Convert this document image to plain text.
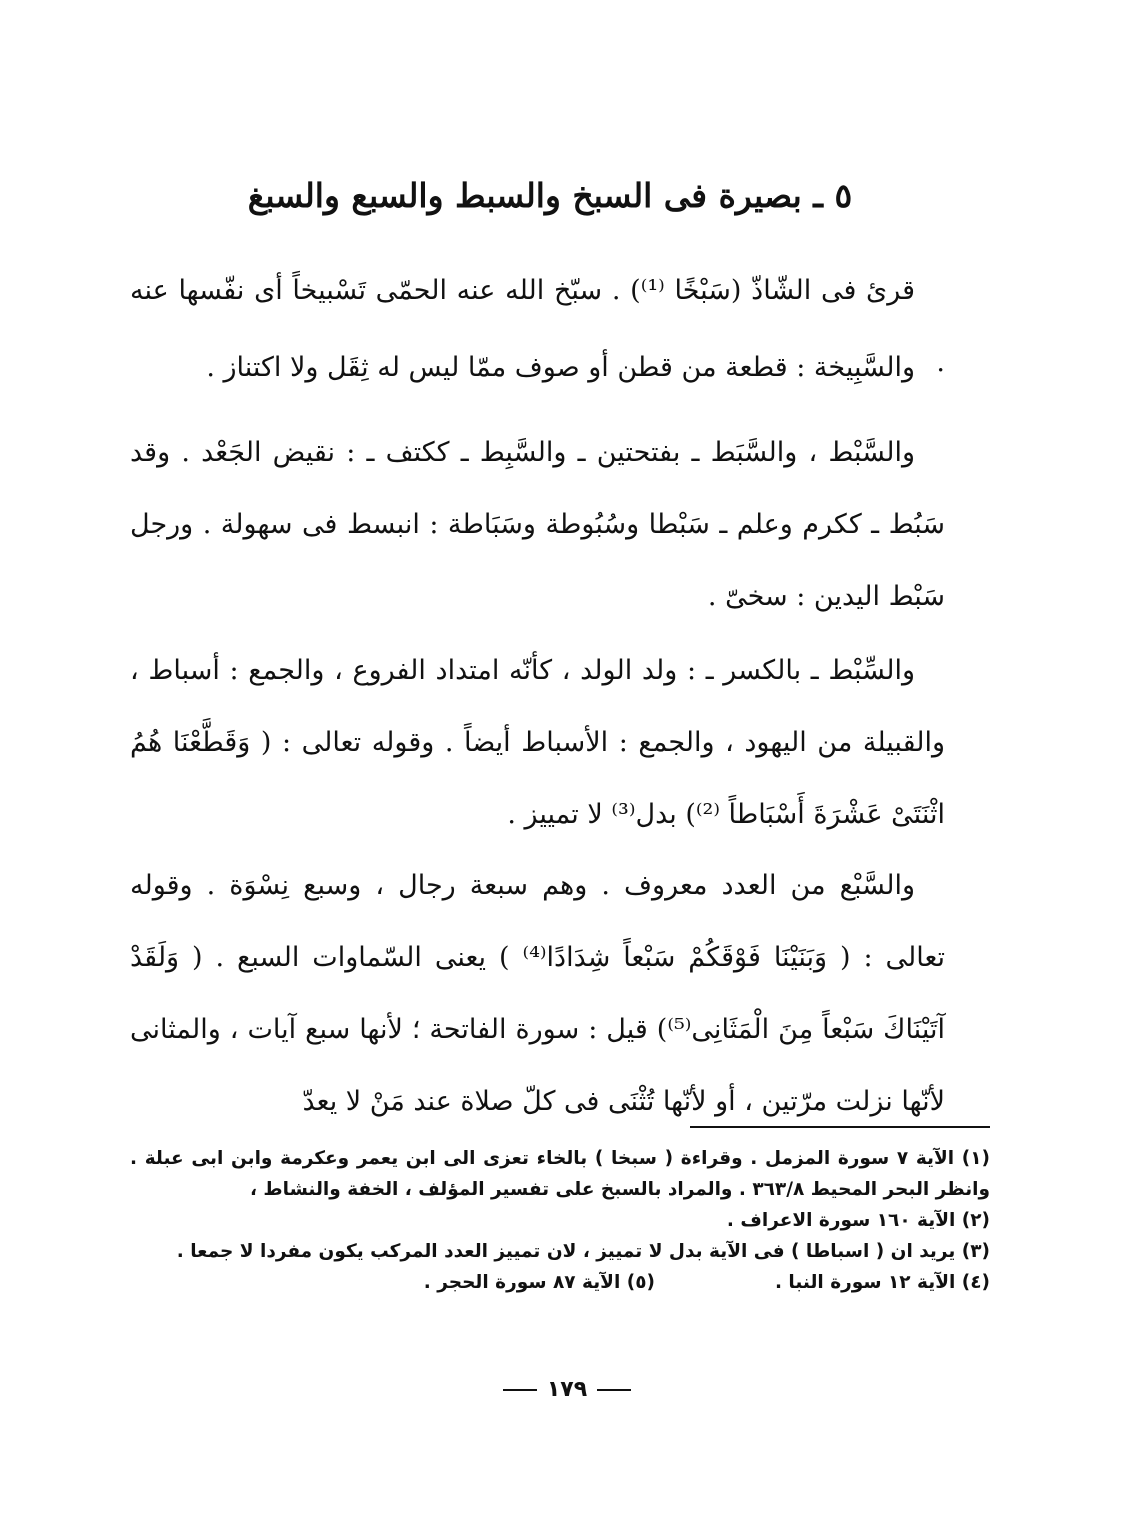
٥ ـ بصيرة فى السبخ والسبط والسبع والسبغ
قرئ فى الشّاذّ (سَبْخًا ⁽¹⁾) . سبّخ الله عنه الحمّى تَسْبيخاً أى نفّسها عنه .
والسَّبِيخة : قطعة من قطن أو صوف ممّا ليس له ثِقَل ولا اكتناز .
والسَّبْط ، والسَّبَط ـ بفتحتين ـ والسَّبِط ـ ككتف ـ : نقيض الجَعْد . وقد سَبُط ـ ككرم وعلم ـ سَبْطا وسُبُوطة وسَبَاطة : انبسط فى سهولة . ورجل سَبْط اليدين : سخىّ .
والسِّبْط ـ بالكسر ـ : ولد الولد ، كأنّه امتداد الفروع ، والجمع : أسباط ، والقبيلة من اليهود ، والجمع : الأسباط أيضاً . وقوله تعالى : ( وَقَطَّعْنَا هُمُ اثْنَتَىْ عَشْرَةَ أَسْبَاطاً ⁽²⁾) بدل⁽³⁾ لا تمييز .
والسَّبْع من العدد معروف . وهم سبعة رجال ، وسبع نِسْوَة . وقوله تعالى : ( وَبَنَيْنَا فَوْقَكُمْ سَبْعاً شِدَادًا⁽⁴⁾ ) يعنى السّماوات السبع . ( وَلَقَدْ آتَيْنَاكَ سَبْعاً مِنَ الْمَثَانِى⁽⁵⁾) قيل : سورة الفاتحة ؛ لأنها سبع آيات ، والمثانى لأنّها نزلت مرّتين ، أو لأنّها تُثْنَى فى كلّ صلاة عند مَنْ لا يعدّ

(١) الآية ٧ سورة المزمل . وقراءة ( سبخا ) بالخاء تعزى الى ابن يعمر وعكرمة وابن ابى عبلة . وانظر البحر المحيط ٣٦٣/٨ . والمراد بالسبخ على تفسير المؤلف ، الخفة والنشاط ،

(٢) الآية ١٦٠ سورة الاعراف .

(٣) يريد ان ( اسباطا ) فى الآية بدل لا تمييز ، لان تمييز العدد المركب يكون مفردا لا جمعا .

(٤) الآية ١٢ سورة النبا .
(٥) الآية ٨٧ سورة الحجر .
١٧٩
